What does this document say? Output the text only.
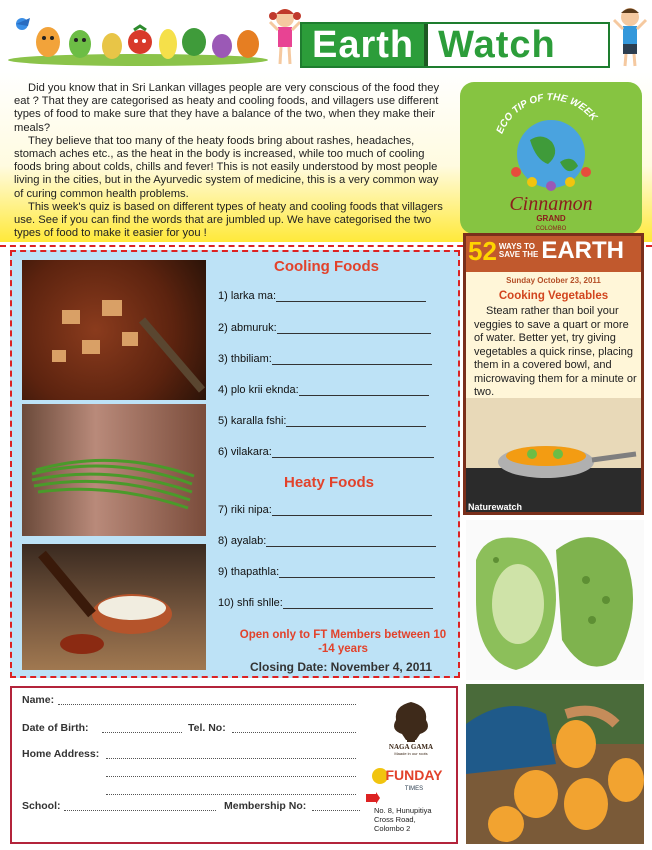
Earth Watch

Did you know that in Sri Lankan villages people are very conscious of the food they eat ? That they are categorised as heaty and cooling foods, and villagers use different types of food to make sure that they have a balance of the two, when they make their meals?

They believe that too many of the heaty foods bring about rashes, headaches, stomach aches etc., as the heat in the body is increased, while too much of cooling foods bring about colds, chills and fever! This is not easily understood by most people living in the cities, but in the Ayurvedic system of medicine, this is a very common way of curing common health problems.

This week's quiz is based on different types of heaty and cooling foods that villagers use. See if you can find the words that are jumbled up. We have categorised the two types of food to make it easier for you !

ECO TIP OF THE WEEK
Cinnamon
GRAND
COLOMBO
Cooling Foods
1) larka ma:
2) abmuruk:
3) thbiliam:
4) plo krii eknda:
5) karalla fshi:
6) vilakara:
Heaty Foods
7) riki nipa:
8) ayalab:
9) thapathla:
10) shfi shlle:
Open only to FT Members between 10 -14 years
Closing Date: November 4, 2011
Name:
Date of Birth:	Tel. No:
Home Address:
School:	Membership No:
NAGA GAMA
Maade in our roots
FUNDAY
TIMES
No. 8, Hunupitiya
Cross Road,
Colombo 2
52 WAYS TO
SAVE THE EARTH
Sunday October 23, 2011
Cooking Vegetables
Steam rather than boil your veggies to save a quart or more of water. Better yet, try giving vegetables a quick rinse, placing them in a covered bowl, and microwaving them for a minute or two.
Naturewatch
